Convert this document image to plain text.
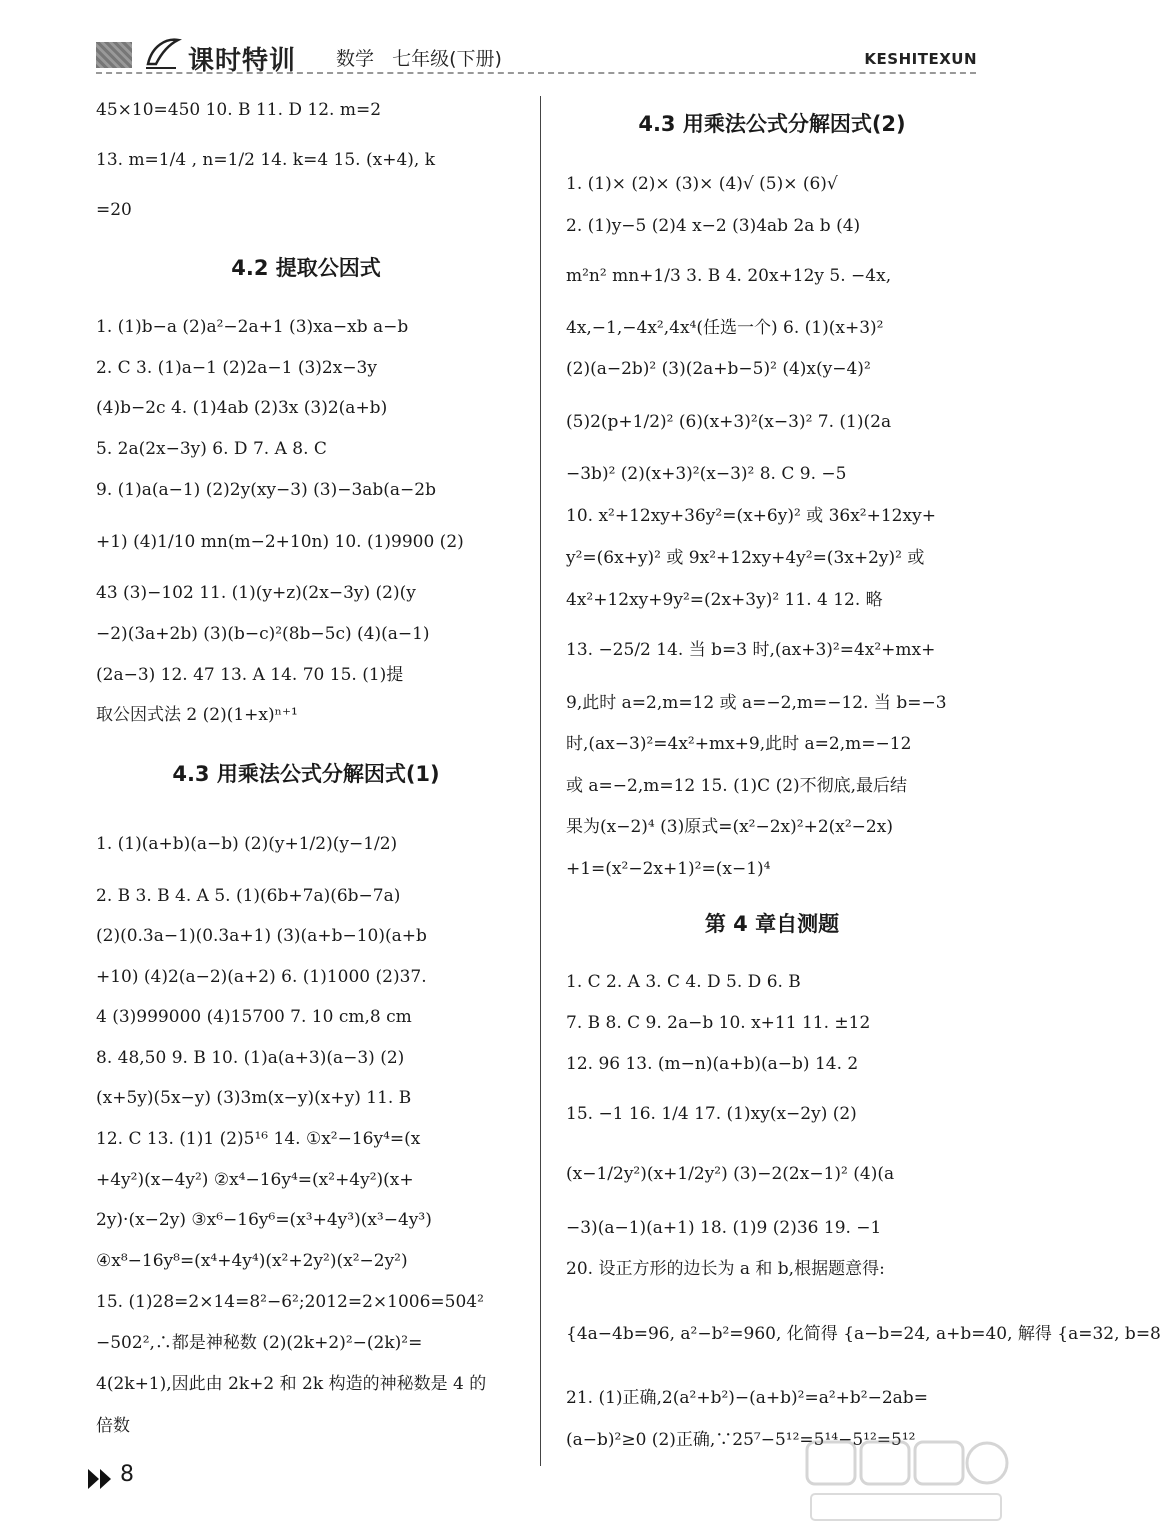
课时特训 数学 七年级(下册)	KESHITEXUN
45×10=450 10. B 11. D 12. m=2
13. m=1/4 , n=1/2 14. k=4 15. (x+4), k
=20
4.2 提取公因式
1. (1)b−a (2)a²−2a+1 (3)xa−xb a−b
2. C 3. (1)a−1 (2)2a−1 (3)2x−3y
(4)b−2c 4. (1)4ab (2)3x (3)2(a+b)
5. 2a(2x−3y) 6. D 7. A 8. C
9. (1)a(a−1) (2)2y(xy−3) (3)−3ab(a−2b
+1) (4)1/10 mn(m−2+10n) 10. (1)9900 (2)
43 (3)−102 11. (1)(y+z)(2x−3y) (2)(y
−2)(3a+2b) (3)(b−c)²(8b−5c) (4)(a−1)
(2a−3) 12. 47 13. A 14. 70 15. (1)提
取公因式法 2 (2)(1+x)ⁿ⁺¹
4.3 用乘法公式分解因式(1)
1. (1)(a+b)(a−b) (2)(y+1/2)(y−1/2)
2. B 3. B 4. A 5. (1)(6b+7a)(6b−7a)
(2)(0.3a−1)(0.3a+1) (3)(a+b−10)(a+b
+10) (4)2(a−2)(a+2) 6. (1)1000 (2)37.
4 (3)999000 (4)15700 7. 10 cm,8 cm
8. 48,50 9. B 10. (1)a(a+3)(a−3) (2)
(x+5y)(5x−y) (3)3m(x−y)(x+y) 11. B
12. C 13. (1)1 (2)5¹⁶ 14. ①x²−16y⁴=(x
+4y²)(x−4y²) ②x⁴−16y⁴=(x²+4y²)(x+
2y)·(x−2y) ③x⁶−16y⁶=(x³+4y³)(x³−4y³)
④x⁸−16y⁸=(x⁴+4y⁴)(x²+2y²)(x²−2y²)
15. (1)28=2×14=8²−6²;2012=2×1006=504²
−502²,∴都是神秘数 (2)(2k+2)²−(2k)²=
4(2k+1),因此由 2k+2 和 2k 构造的神秘数是 4 的
倍数
4.3 用乘法公式分解因式(2)
1. (1)× (2)× (3)× (4)√ (5)× (6)√
2. (1)y−5 (2)4 x−2 (3)4ab 2a b (4)
m²n² mn+1/3 3. B 4. 20x+12y 5. −4x,
4x,−1,−4x²,4x⁴(任选一个) 6. (1)(x+3)²
(2)(a−2b)² (3)(2a+b−5)² (4)x(y−4)²
(5)2(p+1/2)² (6)(x+3)²(x−3)² 7. (1)(2a
−3b)² (2)(x+3)²(x−3)² 8. C 9. −5
10. x²+12xy+36y²=(x+6y)² 或 36x²+12xy+
y²=(6x+y)² 或 9x²+12xy+4y²=(3x+2y)² 或
4x²+12xy+9y²=(2x+3y)² 11. 4 12. 略
13. −25/2 14. 当 b=3 时,(ax+3)²=4x²+mx+
9,此时 a=2,m=12 或 a=−2,m=−12. 当 b=−3
时,(ax−3)²=4x²+mx+9,此时 a=2,m=−12
或 a=−2,m=12 15. (1)C (2)不彻底,最后结
果为(x−2)⁴ (3)原式=(x²−2x)²+2(x²−2x)
+1=(x²−2x+1)²=(x−1)⁴
第 4 章自测题
1. C 2. A 3. C 4. D 5. D 6. B
7. B 8. C 9. 2a−b 10. x+11 11. ±12
12. 96 13. (m−n)(a+b)(a−b) 14. 2
15. −1 16. 1/4 17. (1)xy(x−2y) (2)
(x−1/2y²)(x+1/2y²) (3)−2(2x−1)² (4)(a
−3)(a−1)(a+1) 18. (1)9 (2)36 19. −1
20. 设正方形的边长为 a 和 b,根据题意得:
{4a−4b=96, a²−b²=960, 化简得 {a−b=24, a+b=40, 解得 {a=32, b=8
21. (1)正确,2(a²+b²)−(a+b)²=a²+b²−2ab=
(a−b)²≥0 (2)正确,∵25⁷−5¹²=5¹⁴−5¹²=5¹²
8
